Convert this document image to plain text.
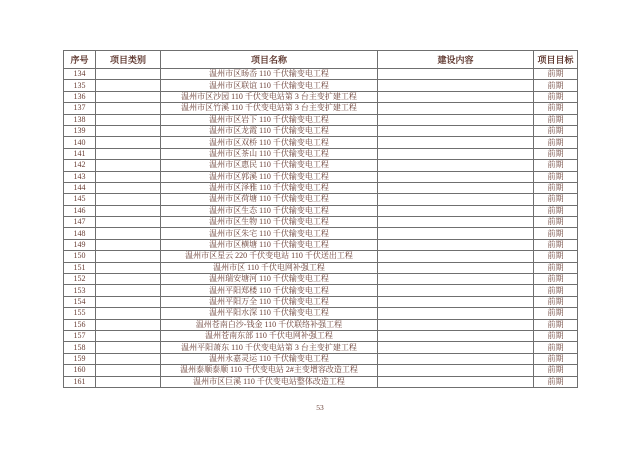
序号	项目类别	项目名称	建设内容	项目目标
134		温州市区旸岙 110 千伏输变电工程		前期
135		温州市区联谊 110 千伏输变电工程		前期
136		温州市区沙园 110 千伏变电站第 3 台主变扩建工程		前期
137		温州市区竹溪 110 千伏变电站第 3 台主变扩建工程		前期
138		温州市区岩下 110 千伏输变电工程		前期
139		温州市区龙霞 110 千伏输变电工程		前期
140		温州市区双桥 110 千伏输变电工程		前期
141		温州市区茶山 110 千伏输变电工程		前期
142		温州市区惠民 110 千伏输变电工程		前期
143		温州市区郭溪 110 千伏输变电工程		前期
144		温州市区泽雅 110 千伏输变电工程		前期
145		温州市区荷塘 110 千伏输变电工程		前期
146		温州市区生态 110 千伏输变电工程		前期
147		温州市区生物 110 千伏输变电工程		前期
148		温州市区朱宅 110 千伏输变电工程		前期
149		温州市区横塘 110 千伏输变电工程		前期
150		温州市区星云 220 千伏变电站 110 千伏送出工程		前期
151		温州市区 110 千伏电网补强工程		前期
152		温州瑞安塘河 110 千伏输变电工程		前期
153		温州平阳郑楼 110 千伏输变电工程		前期
154		温州平阳万全 110 千伏输变电工程		前期
155		温州平阳水深 110 千伏输变电工程		前期
156		温州苍南白沙-钱金 110 千伏联络补强工程		前期
157		温州苍南东部 110 千伏电网补强工程		前期
158		温州平阳萧东 110 千伏变电站第 3 台主变扩建工程		前期
159		温州永嘉灵运 110 千伏输变电工程		前期
160		温州泰顺泰顺 110 千伏变电站 2#主变增容改造工程		前期
161		温州市区巨溪 110 千伏变电站整体改造工程		前期
53
